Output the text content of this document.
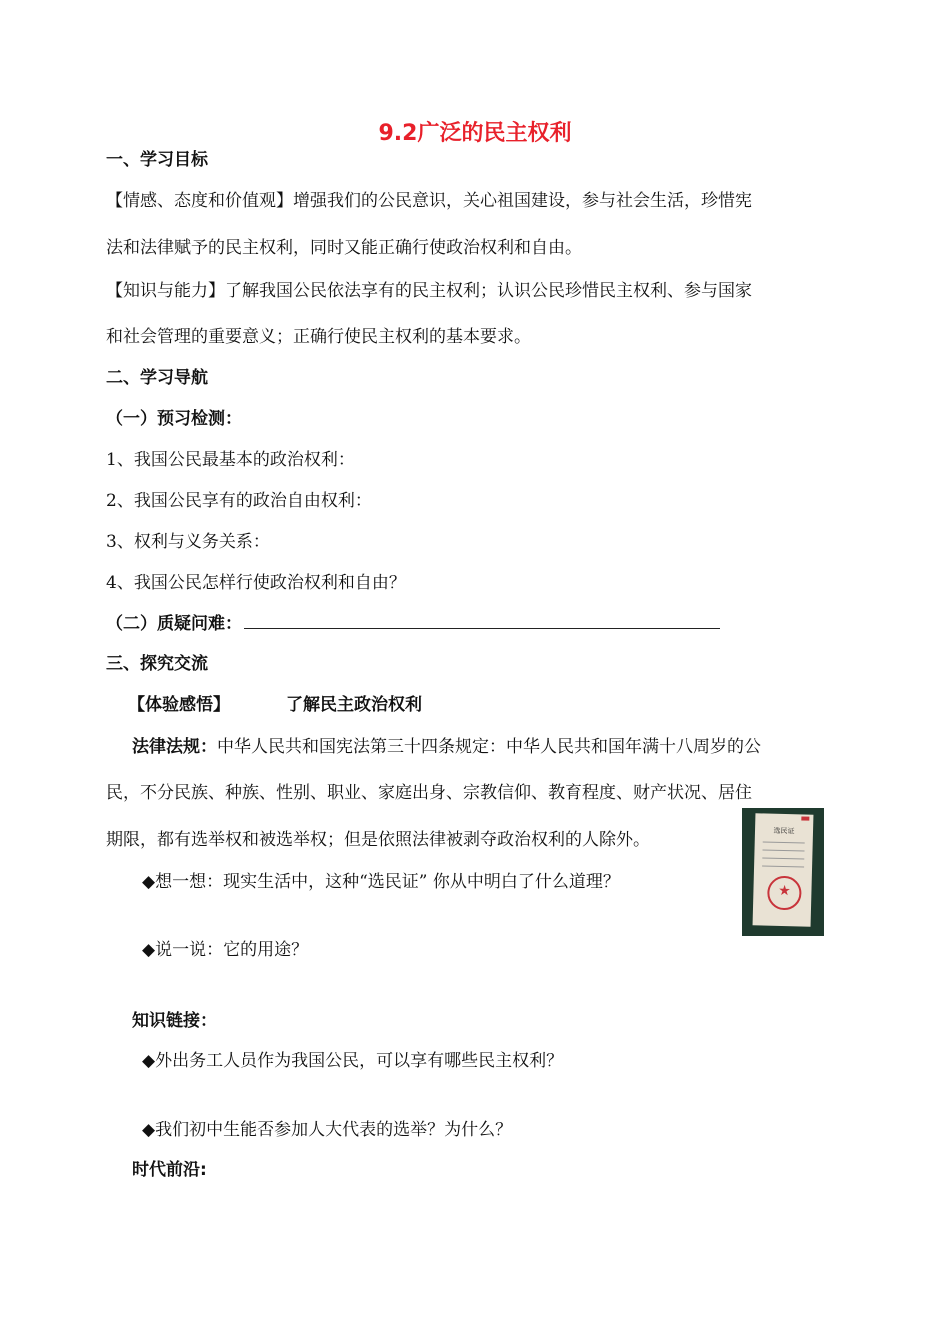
9.2广泛的民主权利
一、学习目标
【情感、态度和价值观】增强我们的公民意识，关心祖国建设，参与社会生活，珍惜宪
法和法律赋予的民主权利，同时又能正确行使政治权利和自由。
【知识与能力】了解我国公民依法享有的民主权利；认识公民珍惜民主权利、参与国家
和社会管理的重要意义；正确行使民主权利的基本要求。
二、学习导航
（一）预习检测：
1、我国公民最基本的政治权利：
2、我国公民享有的政治自由权利：
3、权利与义务关系：
4、我国公民怎样行使政治权利和自由？
（二）质疑问难：
三、探究交流
【体验感悟】	了解民主政治权利
法律法规：中华人民共和国宪法第三十四条规定：中华人民共和国年满十八周岁的公
民，不分民族、种族、性别、职业、家庭出身、宗教信仰、教育程度、财产状况、居住
期限，都有选举权和被选举权；但是依照法律被剥夺政治权利的人除外。	选民证
★
◆想一想：现实生活中，这种“选民证” 你从中明白了什么道理？
◆说一说：它的用途？
知识链接：
◆外出务工人员作为我国公民，可以享有哪些民主权利？
◆我们初中生能否参加人大代表的选举？为什么？
时代前沿:
